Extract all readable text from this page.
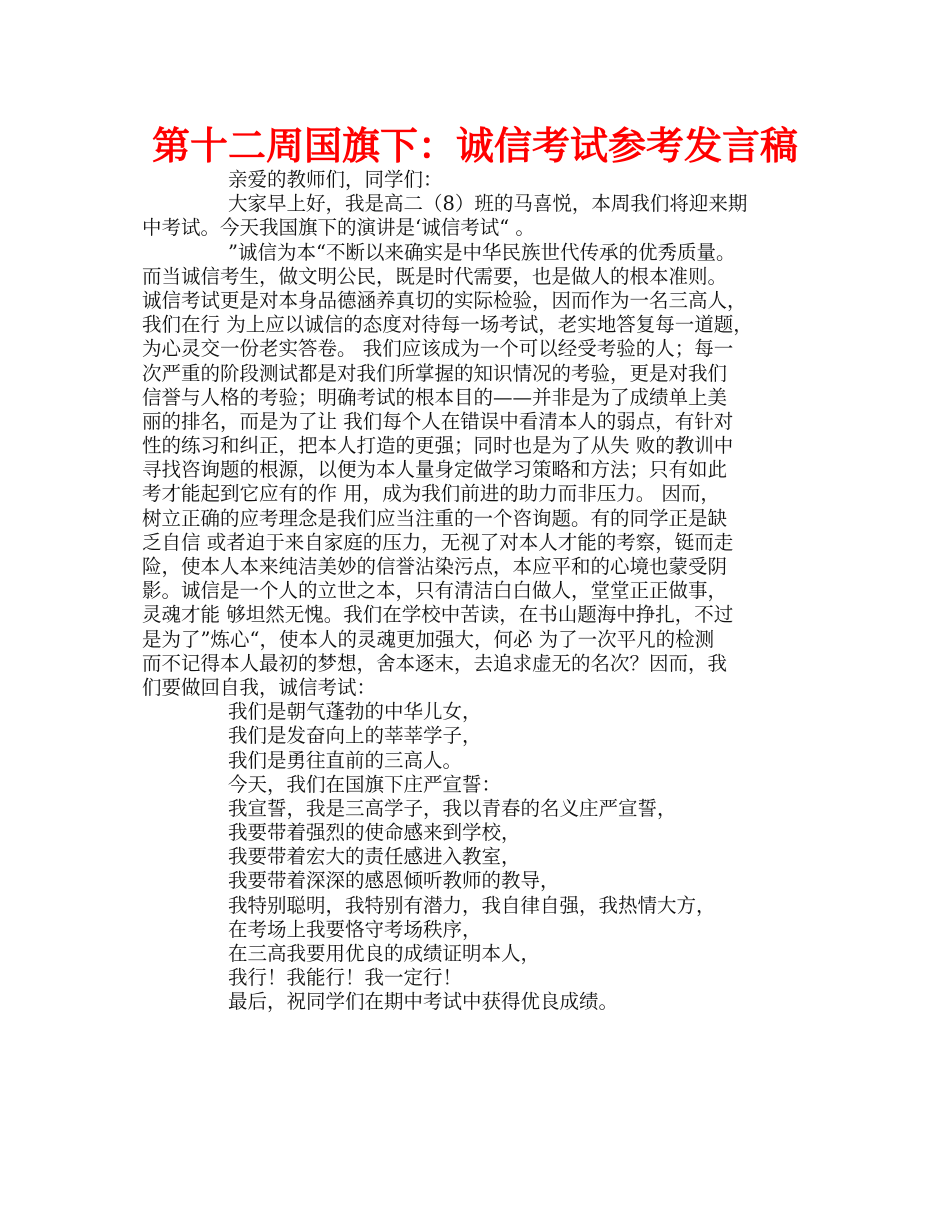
第十二周国旗下：诚信考试参考发言稿
亲爱的教师们，同学们：
大家早上好，我是高二（8）班的马喜悦，本周我们将迎来期
中考试。今天我国旗下的演讲是‘诚信考试“ 。
”诚信为本“不断以来确实是中华民族世代传承的优秀质量。
而当诚信考生，做文明公民，既是时代需要，也是做人的根本准则。
诚信考试更是对本身品德涵养真切的实际检验，因而作为一名三高人，
我们在行 为上应以诚信的态度对待每一场考试，老实地答复每一道题，
为心灵交一份老实答卷。 我们应该成为一个可以经受考验的人；每一
次严重的阶段测试都是对我们所掌握的知识情况的考验，更是对我们
信誉与人格的考验；明确考试的根本目的——并非是为了成绩单上美
丽的排名，而是为了让 我们每个人在错误中看清本人的弱点，有针对
性的练习和纠正，把本人打造的更强；同时也是为了从失 败的教训中
寻找咨询题的根源，以便为本人量身定做学习策略和方法；只有如此
考才能起到它应有的作 用，成为我们前进的助力而非压力。 因而，
树立正确的应考理念是我们应当注重的一个咨询题。有的同学正是缺
乏自信 或者迫于来自家庭的压力，无视了对本人才能的考察，铤而走
险，使本人本来纯洁美妙的信誉沾染污点，本应平和的心境也蒙受阴
影。诚信是一个人的立世之本，只有清洁白白做人，堂堂正正做事，
灵魂才能 够坦然无愧。我们在学校中苦读，在书山题海中挣扎，不过
是为了”炼心“，使本人的灵魂更加强大，何必 为了一次平凡的检测
而不记得本人最初的梦想，舍本逐末，去追求虚无的名次？因而，我
们要做回自我，诚信考试：
我们是朝气蓬勃的中华儿女，
我们是发奋向上的莘莘学子，
我们是勇往直前的三高人。
今天，我们在国旗下庄严宣誓：
我宣誓，我是三高学子，我以青春的名义庄严宣誓，
我要带着强烈的使命感来到学校，
我要带着宏大的责任感进入教室，
我要带着深深的感恩倾听教师的教导，
我特别聪明，我特别有潜力，我自律自强，我热情大方，
在考场上我要恪守考场秩序，
在三高我要用优良的成绩证明本人，
我行！我能行！我一定行！
最后，祝同学们在期中考试中获得优良成绩。
